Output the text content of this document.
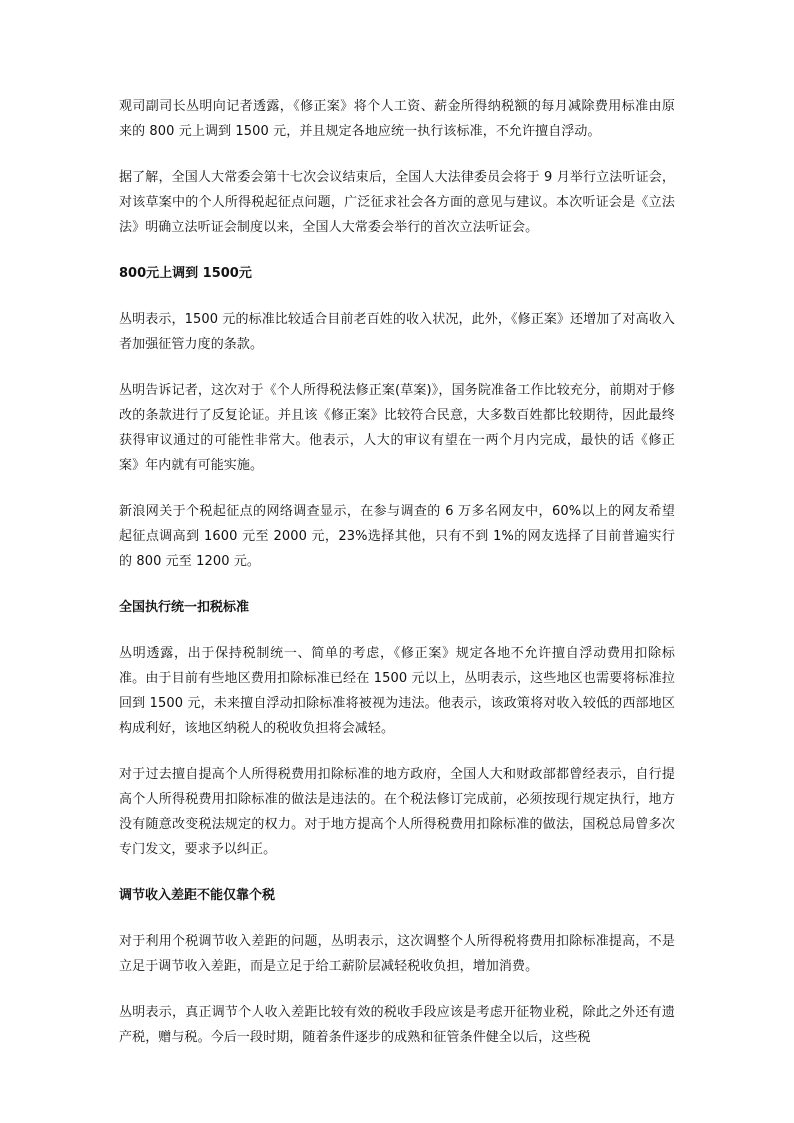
观司副司长丛明向记者透露，《修正案》将个人工资、薪金所得纳税额的每月减除费用标准由原来的 800 元上调到 1500 元，并且规定各地应统一执行该标准，不允许擅自浮动。

据了解，全国人大常委会第十七次会议结束后，全国人大法律委员会将于 9 月举行立法听证会，对该草案中的个人所得税起征点问题，广泛征求社会各方面的意见与建议。本次听证会是《立法法》明确立法听证会制度以来，全国人大常委会举行的首次立法听证会。

800元上调到 1500元

丛明表示，1500 元的标准比较适合目前老百姓的收入状况，此外，《修正案》还增加了对高收入者加强征管力度的条款。

丛明告诉记者，这次对于《个人所得税法修正案(草案)》，国务院准备工作比较充分，前期对于修改的条款进行了反复论证。并且该《修正案》比较符合民意，大多数百姓都比较期待，因此最终获得审议通过的可能性非常大。他表示，人大的审议有望在一两个月内完成，最快的话《修正案》年内就有可能实施。

新浪网关于个税起征点的网络调查显示，在参与调查的 6 万多名网友中，60%以上的网友希望起征点调高到 1600 元至 2000 元，23%选择其他，只有不到 1%的网友选择了目前普遍实行的 800 元至 1200 元。

全国执行统一扣税标准

丛明透露，出于保持税制统一、简单的考虑，《修正案》规定各地不允许擅自浮动费用扣除标准。由于目前有些地区费用扣除标准已经在 1500 元以上，丛明表示，这些地区也需要将标准拉回到 1500 元，未来擅自浮动扣除标准将被视为违法。他表示，该政策将对收入较低的西部地区构成利好，该地区纳税人的税收负担将会减轻。

对于过去擅自提高个人所得税费用扣除标准的地方政府，全国人大和财政部都曾经表示，自行提高个人所得税费用扣除标准的做法是违法的。在个税法修订完成前，必须按现行规定执行，地方没有随意改变税法规定的权力。对于地方提高个人所得税费用扣除标准的做法，国税总局曾多次专门发文，要求予以纠正。

调节收入差距不能仅靠个税

对于利用个税调节收入差距的问题，丛明表示，这次调整个人所得税将费用扣除标准提高，不是立足于调节收入差距，而是立足于给工薪阶层减轻税收负担，增加消费。

丛明表示，真正调节个人收入差距比较有效的税收手段应该是考虑开征物业税，除此之外还有遗产税，赠与税。今后一段时期，随着条件逐步的成熟和征管条件健全以后，这些税
